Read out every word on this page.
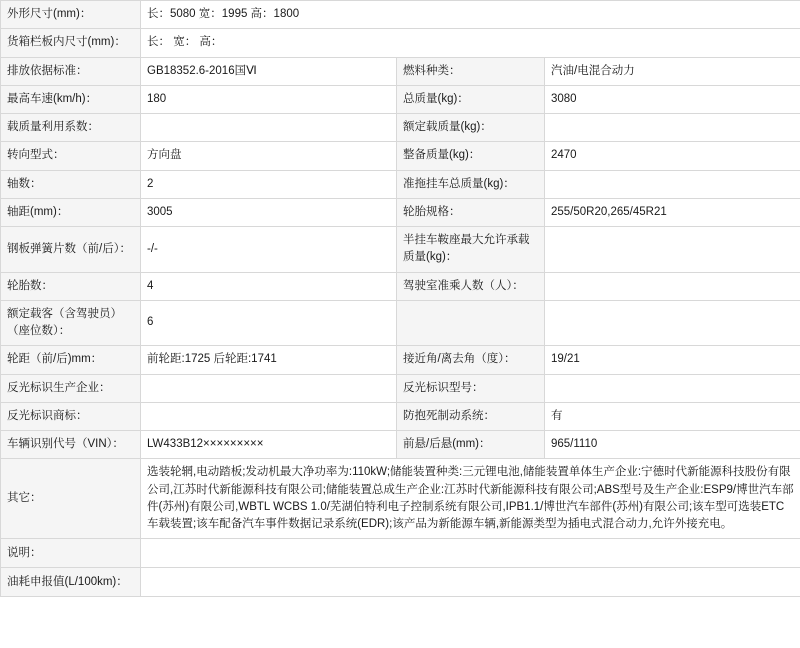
外形尺寸(mm)：	长：5080 宽：1995 高：1800		
货箱栏板内尺寸(mm)：	长： 宽： 高：		
排放依据标准：	GB18352.6-2016国Ⅵ	燃料种类：	汽油/电混合动力
最高车速(km/h)：	180	总质量(kg)：	3080
载质量利用系数：		额定载质量(kg)：	
转向型式：	方向盘	整备质量(kg)：	2470
轴数：	2	准拖挂车总质量(kg)：	
轴距(mm)：	3005	轮胎规格：	255/50R20,265/45R21
钢板弹簧片数（前/后）：	-/-	半挂车鞍座最大允许承载质量(kg)：	
轮胎数：	4	驾驶室准乘人数（人）：	
额定载客（含驾驶员）（座位数）：	6		
轮距（前/后)mm：	前轮距:1725 后轮距:1741	接近角/离去角（度）：	19/21
反光标识生产企业：		反光标识型号：	
反光标识商标：		防抱死制动系统：	有
车辆识别代号（VIN）：	LW433B12×××××××××	前悬/后悬(mm)：	965/1110
其它：	选装轮辋,电动踏板;发动机最大净功率为:110kW;储能装置种类:三元锂电池,储能装置单体生产企业:宁德时代新能源科技股份有限公司,江苏时代新能源科技有限公司;储能装置总成生产企业:江苏时代新能源科技有限公司;ABS型号及生产企业:ESP9/博世汽车部件(苏州)有限公司,WBTL WCBS 1.0/芜湖伯特利电子控制系统有限公司,IPB1.1/博世汽车部件(苏州)有限公司;该车型可选装ETC车载装置;该车配备汽车事件数据记录系统(EDR);该产品为新能源车辆,新能源类型为插电式混合动力,允许外接充电。		
说明：			
油耗申报值(L/100km)：			
